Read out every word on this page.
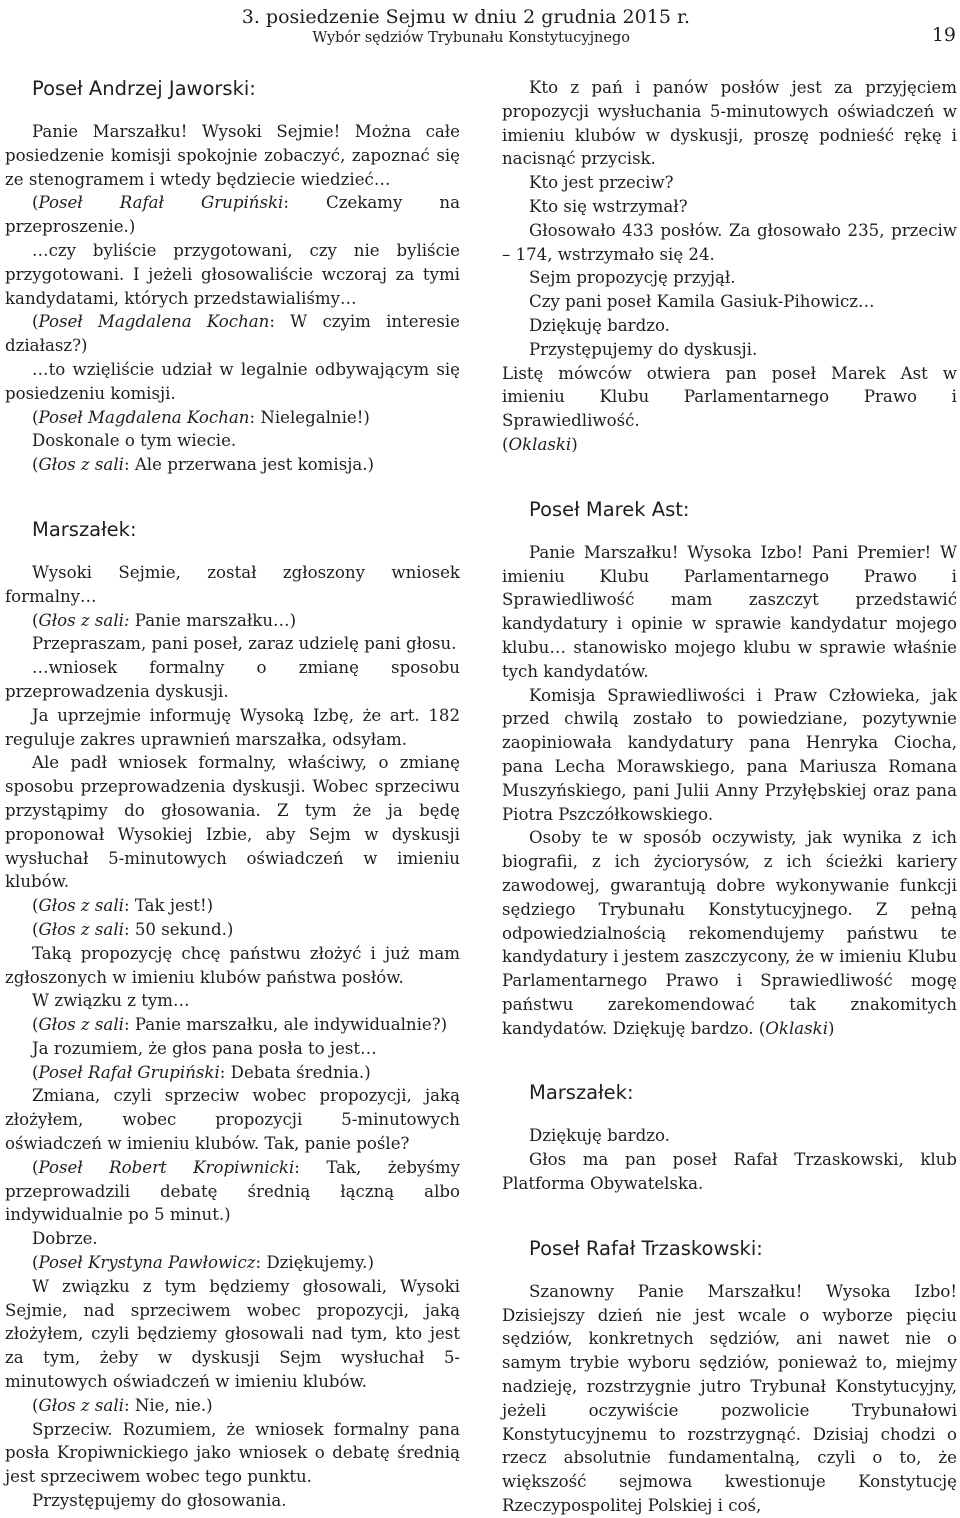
3. posiedzenie Sejmu w dniu 2 grudnia 2015 r.
Wybór sędziów Trybunału Konstytucyjnego	19
Poseł Andrzej Jaworski:

Panie Marszałku! Wysoki Sejmie! Można całe posiedzenie komisji spokojnie zobaczyć, zapoznać się ze stenogramem i wtedy będziecie wiedzieć…

(Poseł Rafał Grupiński: Czekamy na przeproszenie.)

…czy byliście przygotowani, czy nie byliście przygotowani. I jeżeli głosowaliście wczoraj za tymi kandydatami, których przedstawialiśmy…

(Poseł Magdalena Kochan: W czyim interesie działasz?)

…to wzięliście udział w legalnie odbywającym się posiedzeniu komisji.

(Poseł Magdalena Kochan: Nielegalnie!)

Doskonale o tym wiecie.

(Głos z sali: Ale przerwana jest komisja.)

Marszałek:

Wysoki Sejmie, został zgłoszony wniosek formalny…

(Głos z sali: Panie marszałku…)

Przepraszam, pani poseł, zaraz udzielę pani głosu.

…wniosek formalny o zmianę sposobu przeprowadzenia dyskusji.

Ja uprzejmie informuję Wysoką Izbę, że art. 182 reguluje zakres uprawnień marszałka, odsyłam.

Ale padł wniosek formalny, właściwy, o zmianę sposobu przeprowadzenia dyskusji. Wobec sprzeciwu przystąpimy do głosowania. Z tym że ja będę proponował Wysokiej Izbie, aby Sejm w dyskusji wysłuchał 5-minutowych oświadczeń w imieniu klubów.

(Głos z sali: Tak jest!)

(Głos z sali: 50 sekund.)

Taką propozycję chcę państwu złożyć i już mam zgłoszonych w imieniu klubów państwa posłów.

W związku z tym…

(Głos z sali: Panie marszałku, ale indywidualnie?)

Ja rozumiem, że głos pana posła to jest…

(Poseł Rafał Grupiński: Debata średnia.)

Zmiana, czyli sprzeciw wobec propozycji, jaką złożyłem, wobec propozycji 5-minutowych oświadczeń w imieniu klubów. Tak, panie pośle?

(Poseł Robert Kropiwnicki: Tak, żebyśmy przeprowadzili debatę średnią łączną albo indywidualnie po 5 minut.)

Dobrze.

(Poseł Krystyna Pawłowicz: Dziękujemy.)

W związku z tym będziemy głosowali, Wysoki Sejmie, nad sprzeciwem wobec propozycji, jaką złożyłem, czyli będziemy głosowali nad tym, kto jest za tym, żeby w dyskusji Sejm wysłuchał 5-minutowych oświadczeń w imieniu klubów.

(Głos z sali: Nie, nie.)

Sprzeciw. Rozumiem, że wniosek formalny pana posła Kropiwnickiego jako wniosek o debatę średnią jest sprzeciwem wobec tego punktu.

Przystępujemy do głosowania.

Kto z pań i panów posłów jest za przyjęciem propozycji wysłuchania 5-minutowych oświadczeń w imieniu klubów w dyskusji, proszę podnieść rękę i nacisnąć przycisk.

Kto jest przeciw?

Kto się wstrzymał?

Głosowało 433 posłów. Za głosowało 235, przeciw – 174, wstrzymało się 24.

Sejm propozycję przyjął.

Czy pani poseł Kamila Gasiuk-Pihowicz…

Dziękuję bardzo.

Przystępujemy do dyskusji.

Listę mówców otwiera pan poseł Marek Ast w imieniu Klubu Parlamentarnego Prawo i Sprawiedliwość.

(Oklaski)

Poseł Marek Ast:

Panie Marszałku! Wysoka Izbo! Pani Premier! W imieniu Klubu Parlamentarnego Prawo i Sprawiedliwość mam zaszczyt przedstawić kandydatury i opinie w sprawie kandydatur mojego klubu… stanowisko mojego klubu w sprawie właśnie tych kandydatów.

Komisja Sprawiedliwości i Praw Człowieka, jak przed chwilą zostało to powiedziane, pozytywnie zaopiniowała kandydatury pana Henryka Ciocha, pana Lecha Morawskiego, pana Mariusza Romana Muszyńskiego, pani Julii Anny Przyłębskiej oraz pana Piotra Pszczółkowskiego.

Osoby te w sposób oczywisty, jak wynika z ich biografii, z ich życiorysów, z ich ścieżki kariery zawodowej, gwarantują dobre wykonywanie funkcji sędziego Trybunału Konstytucyjnego. Z pełną odpowiedzialnością rekomendujemy państwu te kandydatury i jestem zaszczycony, że w imieniu Klubu Parlamentarnego Prawo i Sprawiedliwość mogę państwu zarekomendować tak znakomitych kandydatów. Dziękuję bardzo. (Oklaski)

Marszałek:

Dziękuję bardzo.

Głos ma pan poseł Rafał Trzaskowski, klub Platforma Obywatelska.

Poseł Rafał Trzaskowski:

Szanowny Panie Marszałku! Wysoka Izbo! Dzisiejszy dzień nie jest wcale o wyborze pięciu sędziów, konkretnych sędziów, ani nawet nie o samym trybie wyboru sędziów, ponieważ to, miejmy nadzieję, rozstrzygnie jutro Trybunał Konstytucyjny, jeżeli oczywiście pozwolicie Trybunałowi Konstytucyjnemu to rozstrzygnąć. Dzisiaj chodzi o rzecz absolutnie fundamentalną, czyli o to, że większość sejmowa kwestionuje Konstytucję Rzeczypospolitej Polskiej i coś,
